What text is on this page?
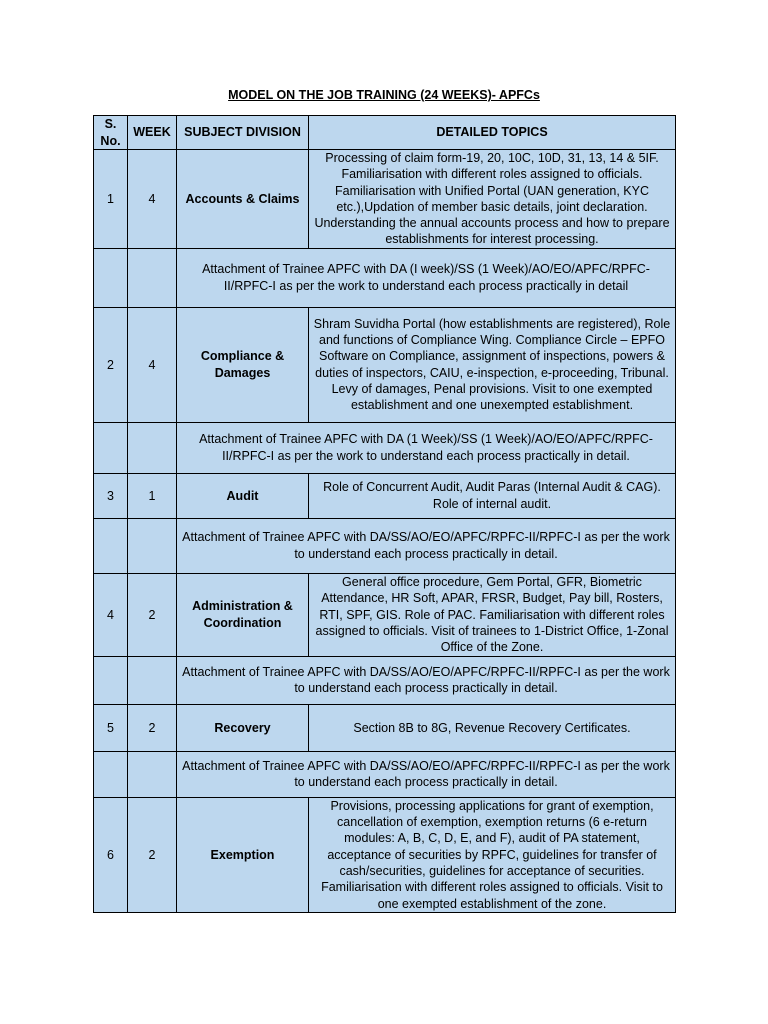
MODEL ON THE JOB TRAINING (24 WEEKS)- APFCs
S. No.	WEEK	SUBJECT DIVISION	DETAILED TOPICS
1	4	Accounts & Claims	Processing of claim form-19, 20, 10C, 10D, 31, 13, 14 & 5IF. Familiarisation with different roles assigned to officials. Familiarisation with Unified Portal (UAN generation, KYC etc.),Updation of member basic details, joint declaration. Understanding the annual accounts process and how to prepare establishments for interest processing.
		Attachment of Trainee APFC with DA (I week)/SS (1 Week)/AO/EO/APFC/RPFC-II/RPFC-I as per the work to understand each process practically in detail	
2	4	Compliance & Damages	Shram Suvidha Portal (how establishments are registered), Role and functions of Compliance Wing. Compliance Circle – EPFO Software on Compliance, assignment of inspections, powers & duties of inspectors, CAIU, e-inspection, e-proceeding, Tribunal. Levy of damages, Penal provisions. Visit to one exempted establishment and one unexempted establishment.
		Attachment of Trainee APFC with DA (1 Week)/SS (1 Week)/AO/EO/APFC/RPFC-II/RPFC-I as per the work to understand each process practically in detail.	
3	1	Audit	Role of Concurrent Audit, Audit Paras (Internal Audit & CAG). Role of internal audit.
		Attachment of Trainee APFC with DA/SS/AO/EO/APFC/RPFC-II/RPFC-I as per the work to understand each process practically in detail.	
4	2	Administration & Coordination	General office procedure, Gem Portal, GFR, Biometric Attendance, HR Soft, APAR, FRSR, Budget, Pay bill, Rosters, RTI, SPF, GIS. Role of PAC. Familiarisation with different roles assigned to officials. Visit of trainees to 1-District Office, 1-Zonal Office of the Zone.
		Attachment of Trainee APFC with DA/SS/AO/EO/APFC/RPFC-II/RPFC-I as per the work to understand each process practically in detail.	
5	2	Recovery	Section 8B to 8G, Revenue Recovery Certificates.
		Attachment of Trainee APFC with DA/SS/AO/EO/APFC/RPFC-II/RPFC-I as per the work to understand each process practically in detail.	
6	2	Exemption	Provisions, processing applications for grant of exemption, cancellation of exemption, exemption returns (6 e-return modules: A, B, C, D, E, and F), audit of PA statement, acceptance of securities by RPFC, guidelines for transfer of cash/securities, guidelines for acceptance of securities. Familiarisation with different roles assigned to officials. Visit to one exempted establishment of the zone.
